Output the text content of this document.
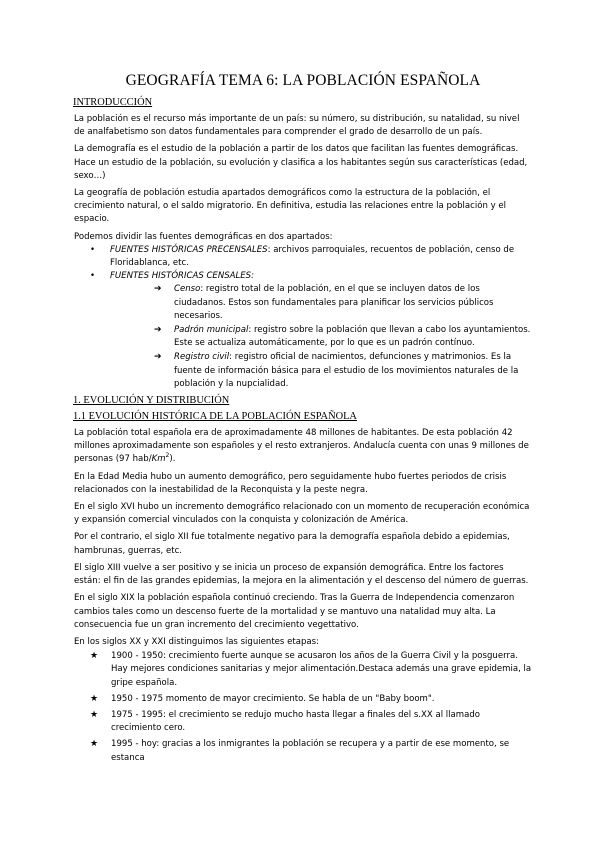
GEOGRAFÍA TEMA 6: LA POBLACIÓN ESPAÑOLA
INTRODUCCIÓN

La población es el recurso más importante de un país: su número, su distribución, su natalidad, su nivel de analfabetismo son datos fundamentales para comprender el grado de desarrollo de un país.

La demografía es el estudio de la población a partir de los datos que facilitan las fuentes demográficas. Hace un estudio de la población, su evolución y clasifica a los habitantes según sus características (edad, sexo…)

La geografía de población estudia apartados demográficos como la estructura de la población, el crecimiento natural, o el saldo migratorio. En definitiva, estudia las relaciones entre la población y el espacio.

Podemos dividir las fuentes demográficas en dos apartados:

• FUENTES HISTÓRICAS PRECENSALES: archivos parroquiales, recuentos de población, censo de Floridablanca, etc.
• FUENTES HISTÓRICAS CENSALES:
➔ Censo: registro total de la población, en el que se incluyen datos de los ciudadanos. Estos son fundamentales para planificar los servicios públicos necesarios.
➔ Padrón municipal: registro sobre la población que llevan a cabo los ayuntamientos. Este se actualiza automáticamente, por lo que es un padrón contínuo.
➔ Registro civil: registro oficial de nacimientos, defunciones y matrimonios. Es la fuente de información básica para el estudio de los movimientos naturales de la población y la nupcialidad.
1. EVOLUCIÓN Y DISTRIBUCIÓN
1.1 EVOLUCIÓN HISTÓRICA DE LA POBLACIÓN ESPAÑOLA

La población total española era de aproximadamente 48 millones de habitantes. De esta población 42 millones aproximadamente son españoles y el resto extranjeros. Andalucía cuenta con unas 9 millones de personas (97 hab/Km$^2$).

En la Edad Media hubo un aumento demográfico, pero seguidamente hubo fuertes periodos de crisis relacionados con la inestabilidad de la Reconquista y la peste negra.

En el siglo XVI hubo un incremento demográfico relacionado con un momento de recuperación económica y expansión comercial vinculados con la conquista y colonización de América.

Por el contrario, el siglo XII fue totalmente negativo para la demografía española debido a epidemias, hambrunas, guerras, etc.

El siglo XIII vuelve a ser positivo y se inicia un proceso de expansión demográfica. Entre los factores están: el fin de las grandes epidemias, la mejora en la alimentación y el descenso del número de guerras.

En el siglo XIX la población española continuó creciendo. Tras la Guerra de Independencia comenzaron cambios tales como un descenso fuerte de la mortalidad y se mantuvo una natalidad muy alta. La consecuencia fue un gran incremento del crecimiento vegettativo.

En los siglos XX y XXI distinguimos las siguientes etapas:

★ 1900 - 1950: crecimiento fuerte aunque se acusaron los años de la Guerra Civil y la posguerra. Hay mejores condiciones sanitarias y mejor alimentación.Destaca además una grave epidemia, la gripe española.
★ 1950 - 1975 momento de mayor crecimiento. Se habla de un "Baby boom".
★ 1975 - 1995: el crecimiento se redujo mucho hasta llegar a finales del s.XX al llamado crecimiento cero.
★ 1995 - hoy: gracias a los inmigrantes la población se recupera y a partir de ese momento, se estanca
